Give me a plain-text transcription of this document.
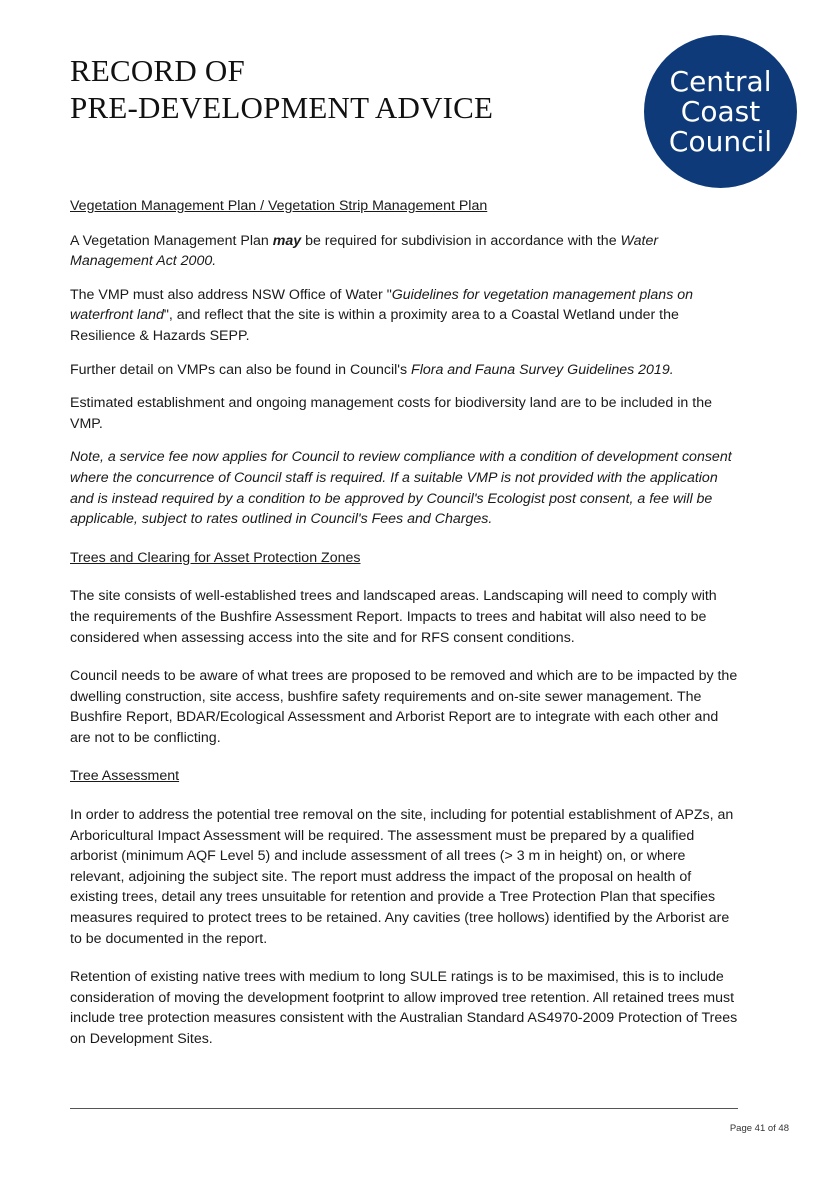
RECORD OF
PRE-DEVELOPMENT ADVICE
Central
Coast
Council
Vegetation Management Plan / Vegetation Strip Management Plan

A Vegetation Management Plan may be required for subdivision in accordance with the Water Management Act 2000.

The VMP must also address NSW Office of Water "Guidelines for vegetation management plans on waterfront land", and reflect that the site is within a proximity area to a Coastal Wetland under the Resilience & Hazards SEPP.

Further detail on VMPs can also be found in Council's Flora and Fauna Survey Guidelines 2019.

Estimated establishment and ongoing management costs for biodiversity land are to be included in the VMP.

Note, a service fee now applies for Council to review compliance with a condition of development consent where the concurrence of Council staff is required. If a suitable VMP is not provided with the application and is instead required by a condition to be approved by Council's Ecologist post consent, a fee will be applicable, subject to rates outlined in Council's Fees and Charges.

Trees and Clearing for Asset Protection Zones

The site consists of well-established trees and landscaped areas. Landscaping will need to comply with the requirements of the Bushfire Assessment Report. Impacts to trees and habitat will also need to be considered when assessing access into the site and for RFS consent conditions.

Council needs to be aware of what trees are proposed to be removed and which are to be impacted by the dwelling construction, site access, bushfire safety requirements and on-site sewer management. The Bushfire Report, BDAR/Ecological Assessment and Arborist Report are to integrate with each other and are not to be conflicting.

Tree Assessment

In order to address the potential tree removal on the site, including for potential establishment of APZs, an Arboricultural Impact Assessment will be required. The assessment must be prepared by a qualified arborist (minimum AQF Level 5) and include assessment of all trees (> 3 m in height) on, or where relevant, adjoining the subject site. The report must address the impact of the proposal on health of existing trees, detail any trees unsuitable for retention and provide a Tree Protection Plan that specifies measures required to protect trees to be retained. Any cavities (tree hollows) identified by the Arborist are to be documented in the report.

Retention of existing native trees with medium to long SULE ratings is to be maximised, this is to include consideration of moving the development footprint to allow improved tree retention. All retained trees must include tree protection measures consistent with the Australian Standard AS4970-2009 Protection of Trees on Development Sites.

Page 41 of 48
